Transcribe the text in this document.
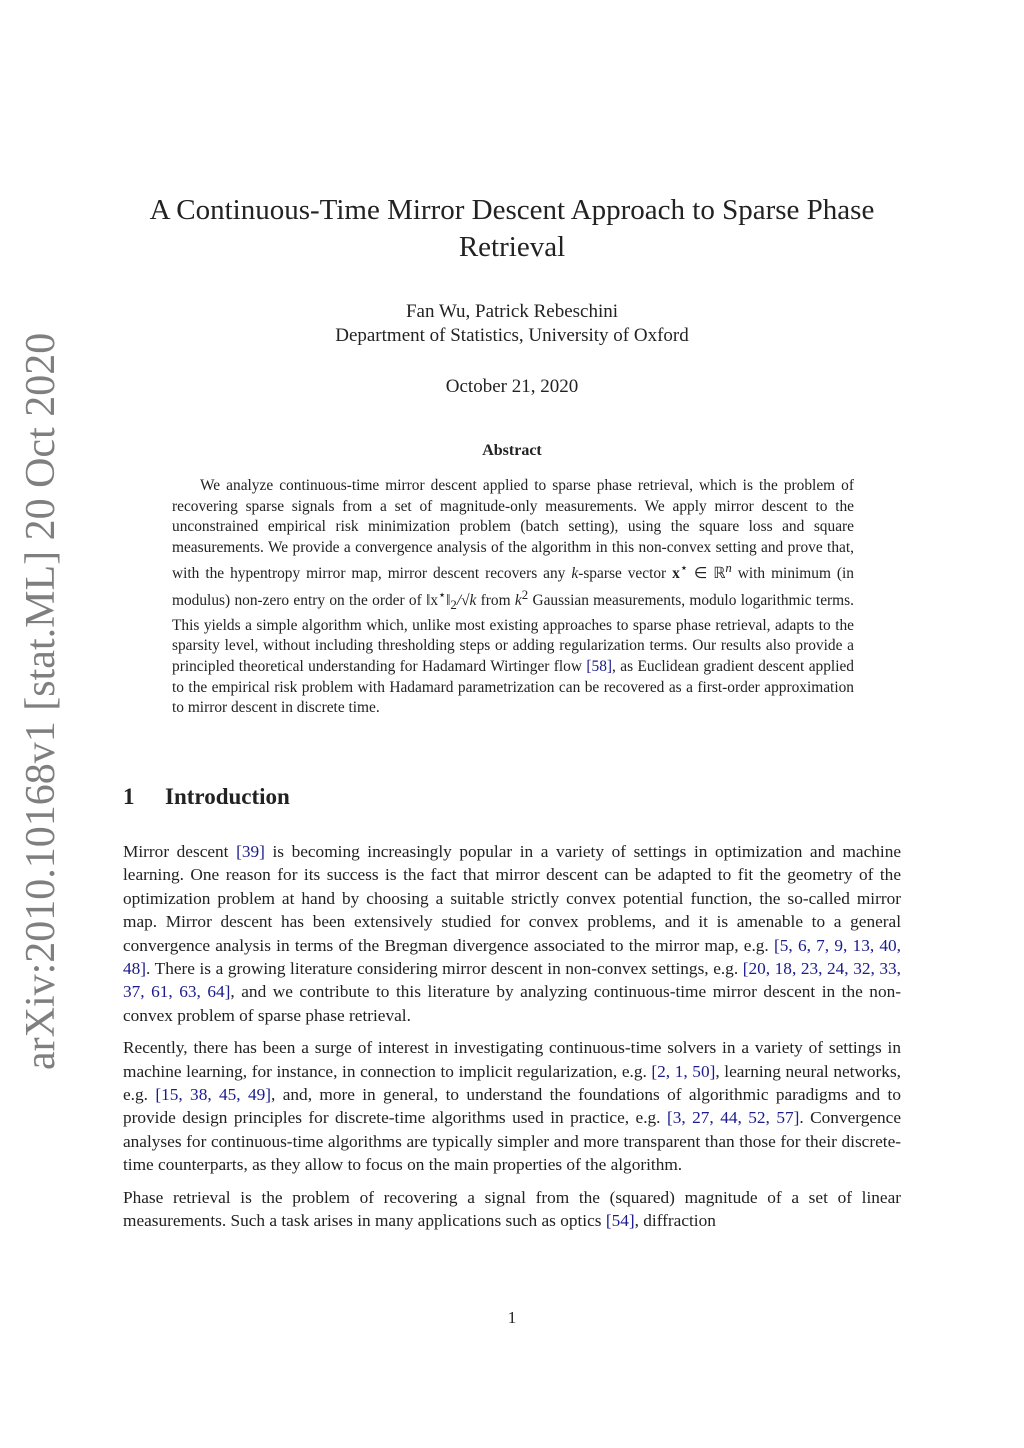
arXiv:2010.10168v1 [stat.ML] 20 Oct 2020
A Continuous-Time Mirror Descent Approach to Sparse Phase Retrieval
Fan Wu, Patrick Rebeschini
Department of Statistics, University of Oxford
October 21, 2020
Abstract

We analyze continuous-time mirror descent applied to sparse phase retrieval, which is the problem of recovering sparse signals from a set of magnitude-only measurements. We apply mirror descent to the unconstrained empirical risk minimization problem (batch setting), using the square loss and square measurements. We provide a convergence analysis of the algorithm in this non-convex setting and prove that, with the hypentropy mirror map, mirror descent recovers any k-sparse vector x⋆ ∈ ℝ$^n$ with minimum (in modulus) non-zero entry on the order of $‖x^⋆‖_2/√k$ from $k^2$ Gaussian measurements, modulo logarithmic terms. This yields a simple algorithm which, unlike most existing approaches to sparse phase retrieval, adapts to the sparsity level, without including thresholding steps or adding regularization terms. Our results also provide a principled theoretical understanding for Hadamard Wirtinger flow [58], as Euclidean gradient descent applied to the empirical risk problem with Hadamard parametrization can be recovered as a first-order approximation to mirror descent in discrete time.

1 Introduction

Mirror descent [39] is becoming increasingly popular in a variety of settings in optimization and machine learning. One reason for its success is the fact that mirror descent can be adapted to fit the geometry of the optimization problem at hand by choosing a suitable strictly convex potential function, the so-called mirror map. Mirror descent has been extensively studied for convex problems, and it is amenable to a general convergence analysis in terms of the Bregman divergence associated to the mirror map, e.g. [5, 6, 7, 9, 13, 40, 48]. There is a growing literature considering mirror descent in non-convex settings, e.g. [20, 18, 23, 24, 32, 33, 37, 61, 63, 64], and we contribute to this literature by analyzing continuous-time mirror descent in the non-convex problem of sparse phase retrieval.

Recently, there has been a surge of interest in investigating continuous-time solvers in a variety of settings in machine learning, for instance, in connection to implicit regularization, e.g. [2, 1, 50], learning neural networks, e.g. [15, 38, 45, 49], and, more in general, to understand the foundations of algorithmic paradigms and to provide design principles for discrete-time algorithms used in practice, e.g. [3, 27, 44, 52, 57]. Convergence analyses for continuous-time algorithms are typically simpler and more transparent than those for their discrete-time counterparts, as they allow to focus on the main properties of the algorithm.

Phase retrieval is the problem of recovering a signal from the (squared) magnitude of a set of linear measurements. Such a task arises in many applications such as optics [54], diffraction

1
